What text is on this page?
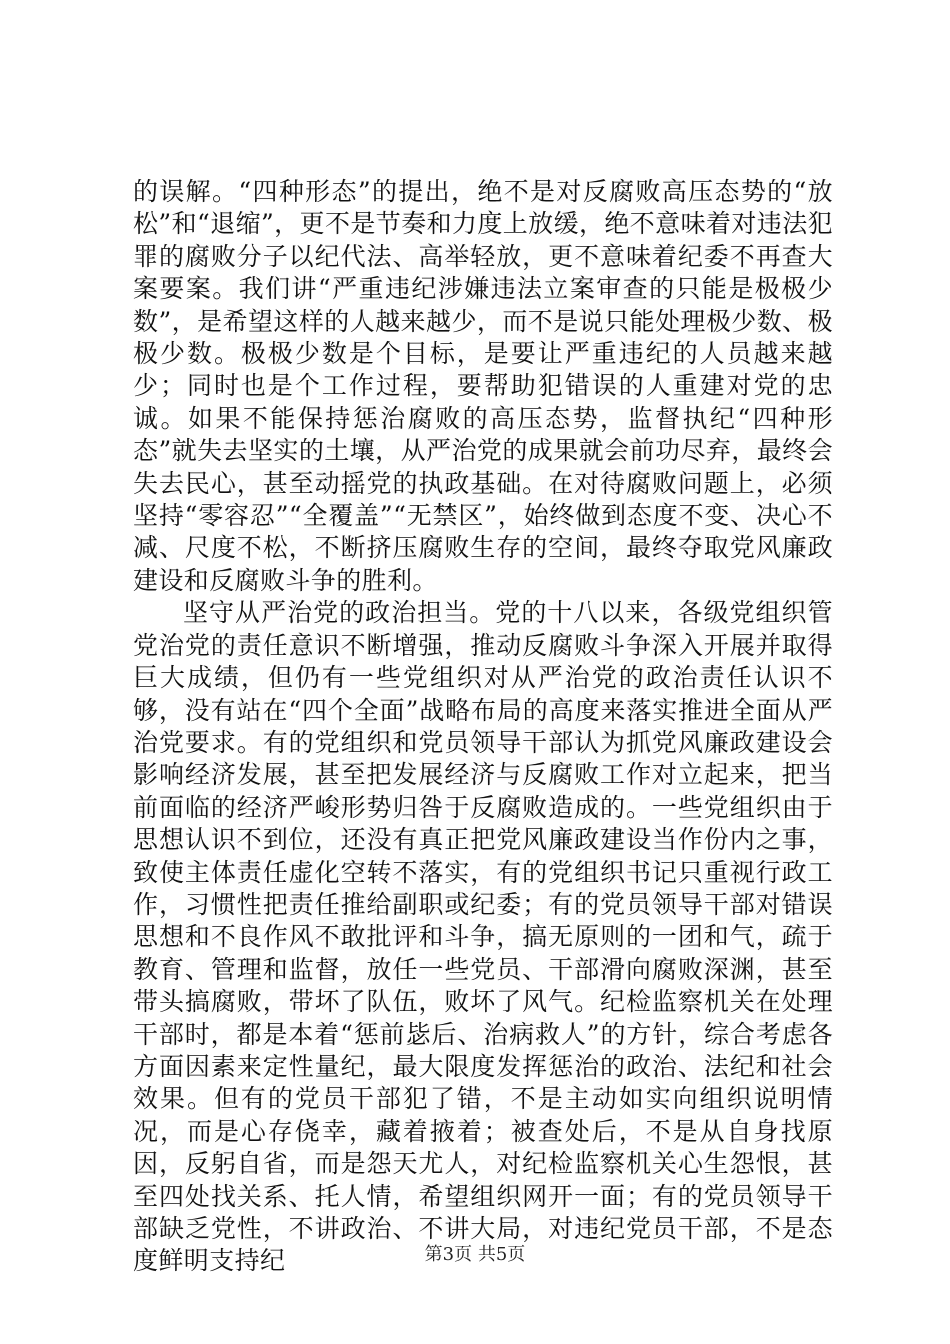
的误解。“四种形态”的提出，绝不是对反腐败高压态势的“放松”和“退缩”，更不是节奏和力度上放缓，绝不意味着对违法犯罪的腐败分子以纪代法、高举轻放，更不意味着纪委不再查大案要案。我们讲“严重违纪涉嫌违法立案审查的只能是极极少数”，是希望这样的人越来越少，而不是说只能处理极少数、极极少数。极极少数是个目标，是要让严重违纪的人员越来越少；同时也是个工作过程，要帮助犯错误的人重建对党的忠诚。如果不能保持惩治腐败的高压态势，监督执纪“四种形态”就失去坚实的土壤，从严治党的成果就会前功尽弃，最终会失去民心，甚至动摇党的执政基础。在对待腐败问题上，必须坚持“零容忍”“全覆盖”“无禁区”，始终做到态度不变、决心不减、尺度不松，不断挤压腐败生存的空间，最终夺取党风廉政建设和反腐败斗争的胜利。

坚守从严治党的政治担当。党的十八以来，各级党组织管党治党的责任意识不断增强，推动反腐败斗争深入开展并取得巨大成绩，但仍有一些党组织对从严治党的政治责任认识不够，没有站在“四个全面”战略布局的高度来落实推进全面从严治党要求。有的党组织和党员领导干部认为抓党风廉政建设会影响经济发展，甚至把发展经济与反腐败工作对立起来，把当前面临的经济严峻形势归咎于反腐败造成的。一些党组织由于思想认识不到位，还没有真正把党风廉政建设当作份内之事，致使主体责任虚化空转不落实，有的党组织书记只重视行政工作，习惯性把责任推给副职或纪委；有的党员领导干部对错误思想和不良作风不敢批评和斗争，搞无原则的一团和气，疏于教育、管理和监督，放任一些党员、干部滑向腐败深渊，甚至带头搞腐败，带坏了队伍，败坏了风气。纪检监察机关在处理干部时，都是本着“惩前毖后、治病救人”的方针，综合考虑各方面因素来定性量纪，最大限度发挥惩治的政治、法纪和社会效果。但有的党员干部犯了错，不是主动如实向组织说明情况，而是心存侥幸，藏着掖着；被查处后，不是从自身找原因，反躬自省，而是怨天尤人，对纪检监察机关心生怨恨，甚至四处找关系、托人情，希望组织网开一面；有的党员领导干部缺乏党性，不讲政治、不讲大局，对违纪党员干部，不是态度鲜明支持纪	第3页 共5页
